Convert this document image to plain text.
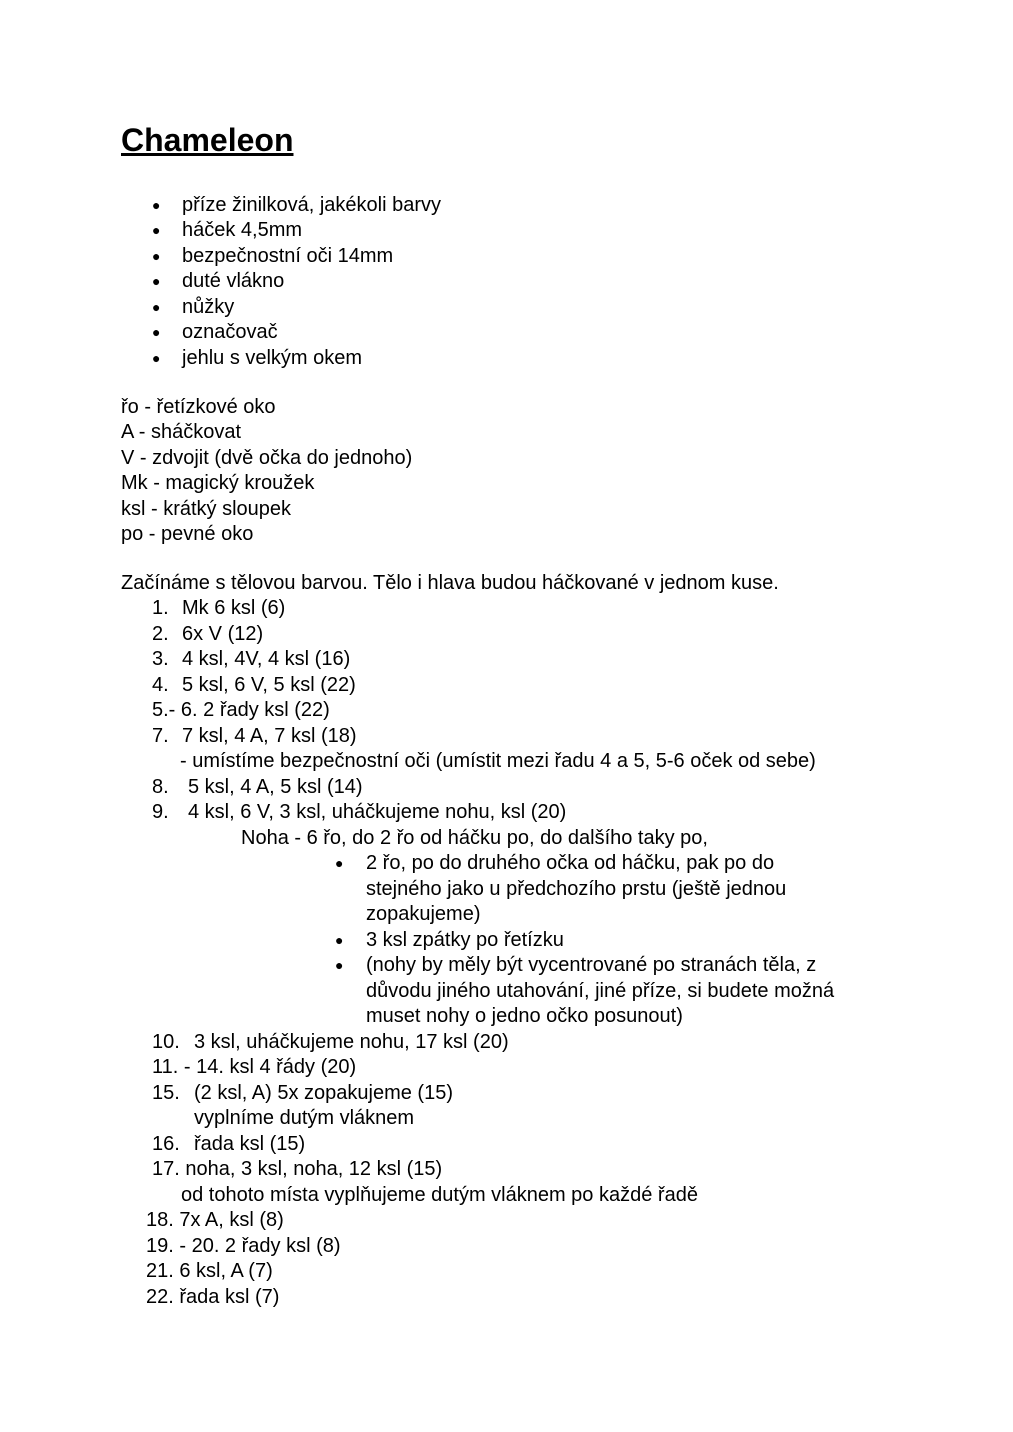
Chameleon
● příze žinilková, jakékoli barvy
● háček 4,5mm
● bezpečnostní oči 14mm
● duté vlákno
● nůžky
● označovač
● jehlu s velkým okem
řo - řetízkové oko
A - sháčkovat
V - zdvojit (dvě očka do jednoho)
Mk - magický kroužek
ksl - krátký sloupek
po - pevné oko
Začínáme s tělovou barvou. Tělo i hlava budou háčkované v jednom kuse.
1. Mk 6 ksl (6)
2. 6x V (12)
3. 4 ksl, 4V, 4 ksl (16)
4. 5 ksl, 6 V, 5 ksl (22)
5.- 6. 2 řady ksl (22)
7. 7 ksl, 4 A, 7 ksl (18)
- umístíme bezpečnostní oči (umístit mezi řadu 4 a 5, 5-6 oček od sebe)
8. 5 ksl, 4 A, 5 ksl (14)
9. 4 ksl, 6 V, 3 ksl, uháčkujeme nohu, ksl (20)
Noha - 6 řo, do 2 řo od háčku po, do dalšího taky po,
● 2 řo, po do druhého očka od háčku, pak po do
stejného jako u předchozího prstu (ještě jednou
zopakujeme)
● 3 ksl zpátky po řetízku
● (nohy by měly být vycentrované po stranách těla, z
důvodu jiného utahování, jiné příze, si budete možná
muset nohy o jedno očko posunout)
10. 3 ksl, uháčkujeme nohu, 17 ksl (20)
11. - 14. ksl 4 řády (20)
15. (2 ksl, A) 5x zopakujeme (15)
vyplníme dutým vláknem
16. řada ksl (15)
17. noha, 3 ksl, noha, 12 ksl (15)
od tohoto místa vyplňujeme dutým vláknem po každé řadě
18. 7x A, ksl (8)
19. - 20. 2 řady ksl (8)
21. 6 ksl, A (7)
22. řada ksl (7)
